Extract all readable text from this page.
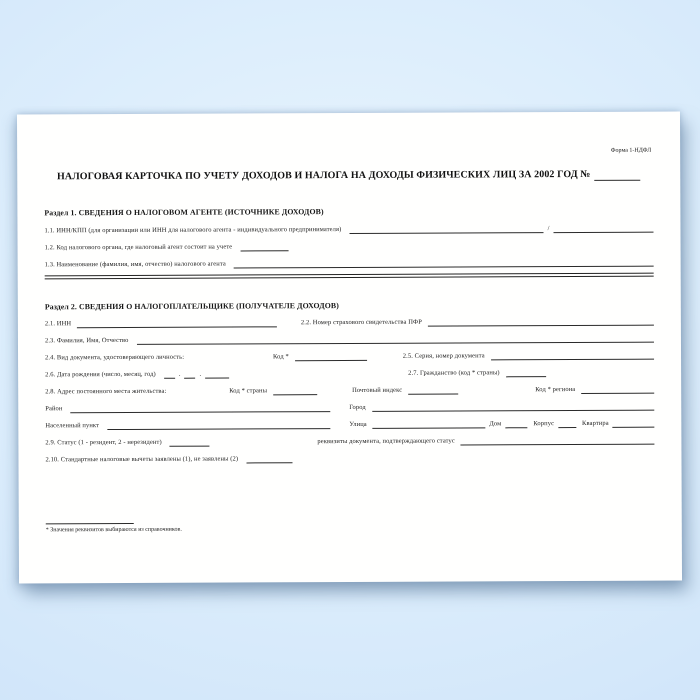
Форма 1-НДФЛ
НАЛОГОВАЯ КАРТОЧКА ПО УЧЕТУ ДОХОДОВ И НАЛОГА НА ДОХОДЫ ФИЗИЧЕСКИХ ЛИЦ ЗА 2002 ГОД №
Раздел 1. СВЕДЕНИЯ О НАЛОГОВОМ АГЕНТЕ (ИСТОЧНИКЕ ДОХОДОВ)
1.1. ИНН/КПП (для организации или ИНН для налогового агента - индивидуального предпринимателя)	/
1.2. Код налогового органа, где налоговый агент состоит на учете
1.3. Наименование (фамилия, имя, отчество) налогового агента
Раздел 2. СВЕДЕНИЯ О НАЛОГОПЛАТЕЛЬЩИКЕ (ПОЛУЧАТЕЛЕ ДОХОДОВ)
2.1. ИНН	2.2. Номер страхового свидетельства ПФР
2.3. Фамилия, Имя, Отчество
2.4. Вид документа, удостоверяющего личность:	Код *	2.5. Серия, номер документа
2.6. Дата рождения (число, месяц, год)	.	.	2.7. Гражданство (код * страны)
2.8. Адрес постоянного места жительства:	Код * страны	Почтовый индекс	Код * региона
Район	Город
Населенный пункт	Улица	Дом	Корпус	Квартира
2.9. Статус (1 - резидент, 2 - нерезидент)	реквизиты документа, подтверждающего статус
2.10. Стандартные налоговые вычеты заявлены (1), не заявлены (2)
* Значения реквизитов выбираются из справочников.
